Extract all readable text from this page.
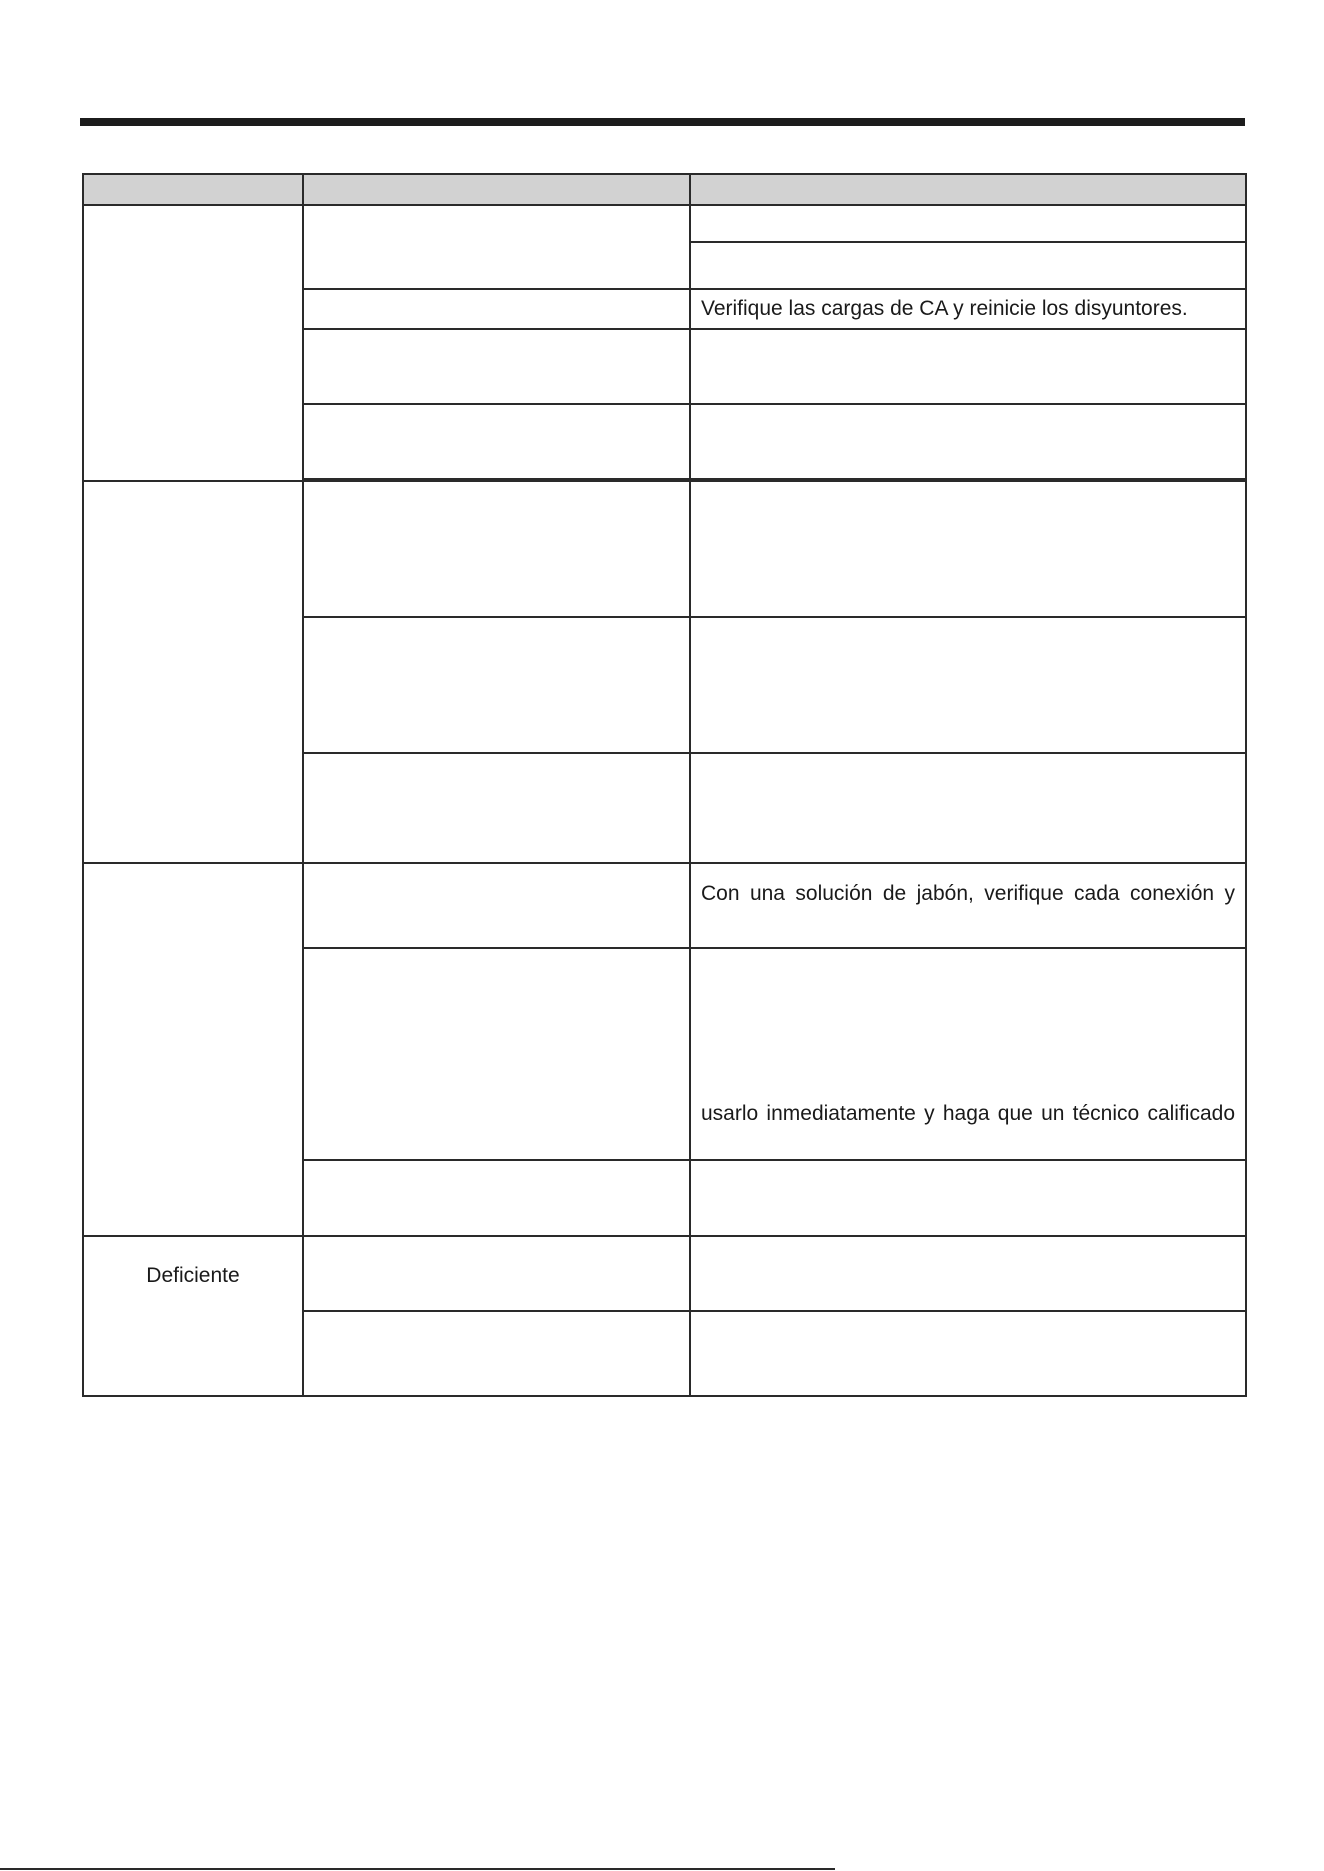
		Verifique las cargas de CA y reinicie los disyuntores.

		Con una solución de jabón, verifique cada conexión y

		usarlo inmediatamente y haga que un técnico calificado

Deficiente		
